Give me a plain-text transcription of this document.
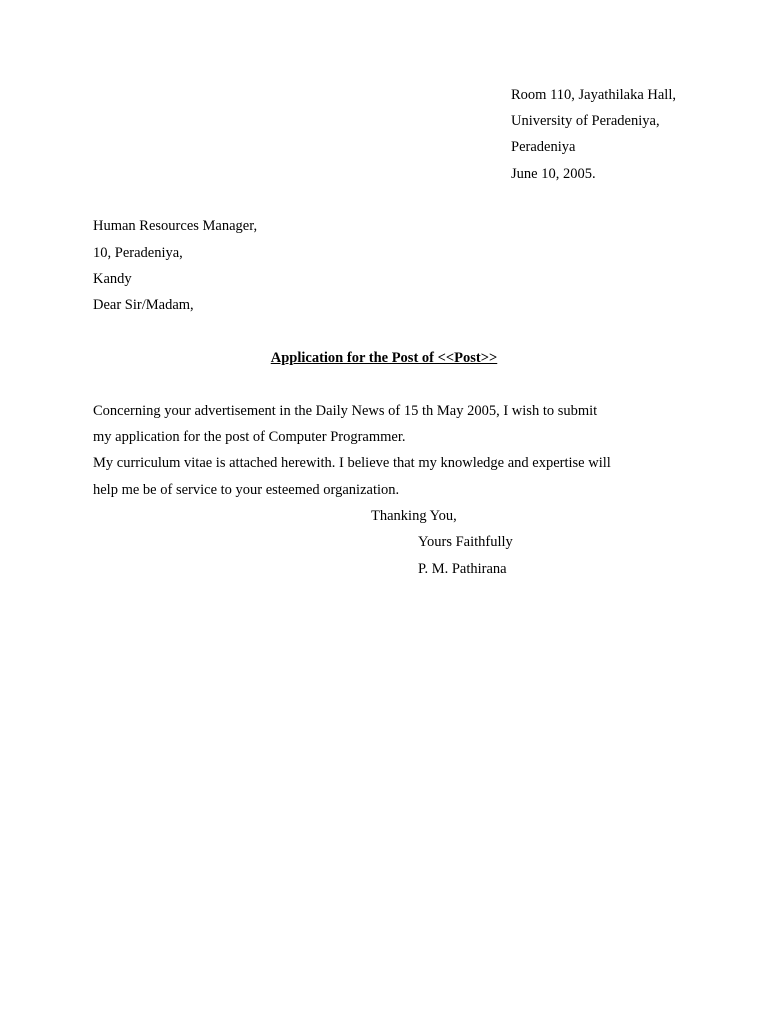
Room 110, Jayathilaka Hall,
University of Peradeniya,
Peradeniya
June 10, 2005.
Human Resources Manager,
10, Peradeniya,
Kandy
Dear Sir/Madam,
Application for the Post of <<Post>>
Concerning your advertisement in the Daily News of 15 th May 2005, I wish to submit
my application for the post of Computer Programmer.
My curriculum vitae is attached herewith. I believe that my knowledge and expertise will
help me be of service to your esteemed organization.
Thanking You,
Yours Faithfully
P. M. Pathirana
